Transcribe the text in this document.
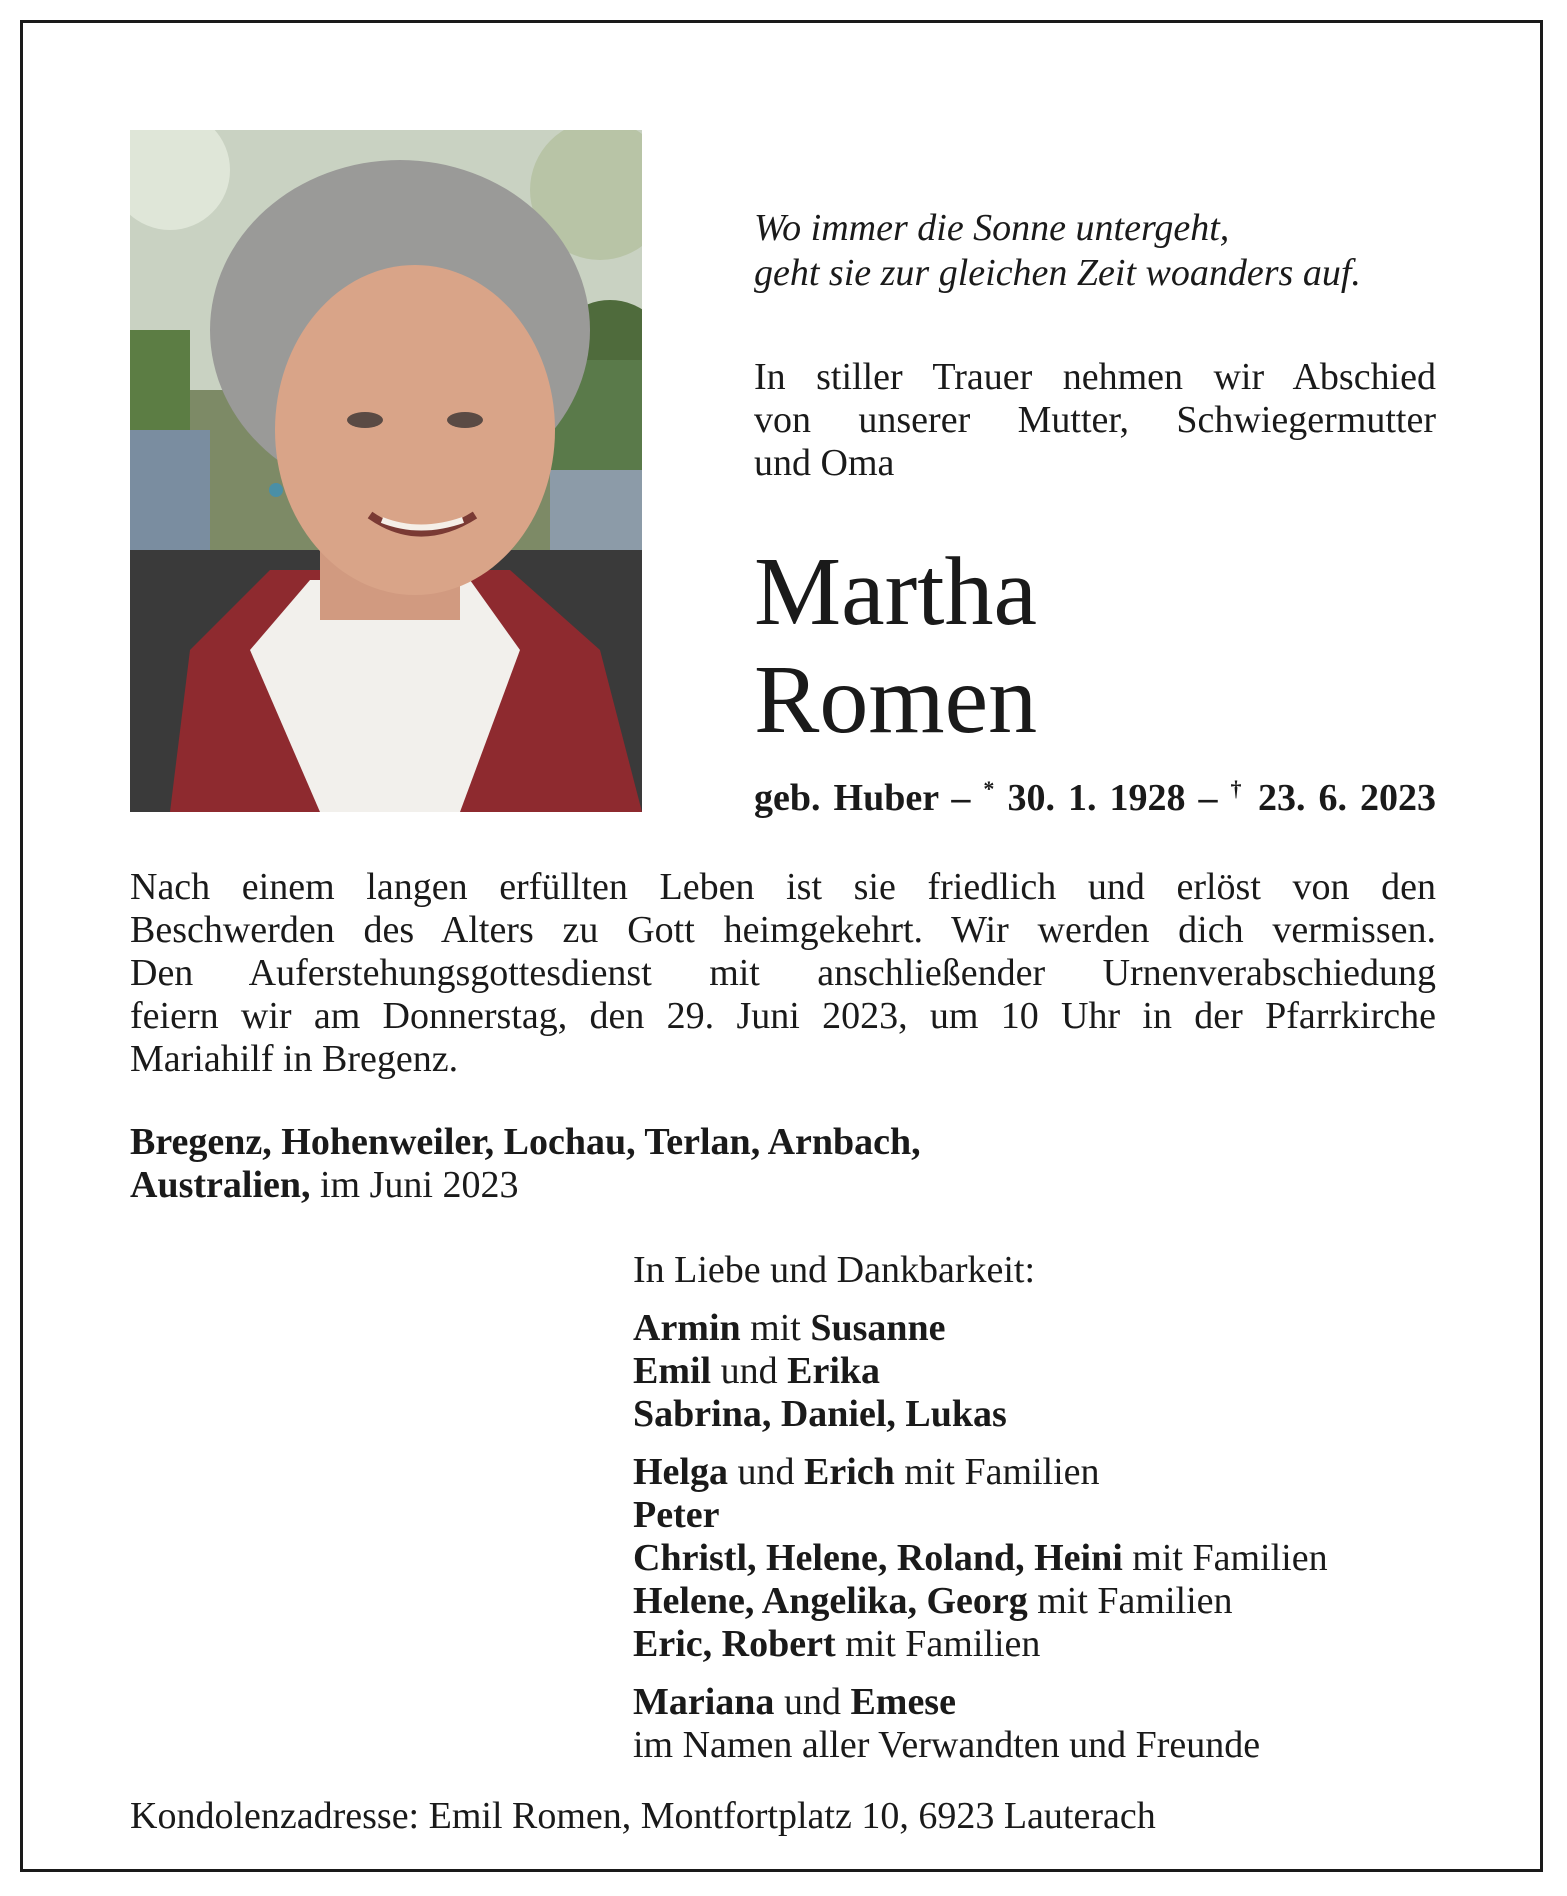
Wo immer die Sonne untergeht,
geht sie zur gleichen Zeit woanders auf.
In stiller Trauer nehmen wir Abschied
von unserer Mutter, Schwiegermutter
und Oma
Martha
Romen
geb. Huber – * 30. 1. 1928 – † 23. 6. 2023
Nach einem langen erfüllten Leben ist sie friedlich und erlöst von den
Beschwerden des Alters zu Gott heimgekehrt. Wir werden dich vermissen.
Den Auferstehungsgottesdienst mit anschließender Urnenverabschiedung
feiern wir am Donnerstag, den 29. Juni 2023, um 10 Uhr in der Pfarrkirche
Mariahilf in Bregenz.
Bregenz, Hohenweiler, Lochau, Terlan, Arnbach,
Australien, im Juni 2023
In Liebe und Dankbarkeit:
Armin mit Susanne
Emil und Erika
Sabrina, Daniel, Lukas
Helga und Erich mit Familien
Peter
Christl, Helene, Roland, Heini mit Familien
Helene, Angelika, Georg mit Familien
Eric, Robert mit Familien
Mariana und Emese
im Namen aller Verwandten und Freunde
Kondolenzadresse: Emil Romen, Montfortplatz 10, 6923 Lauterach
